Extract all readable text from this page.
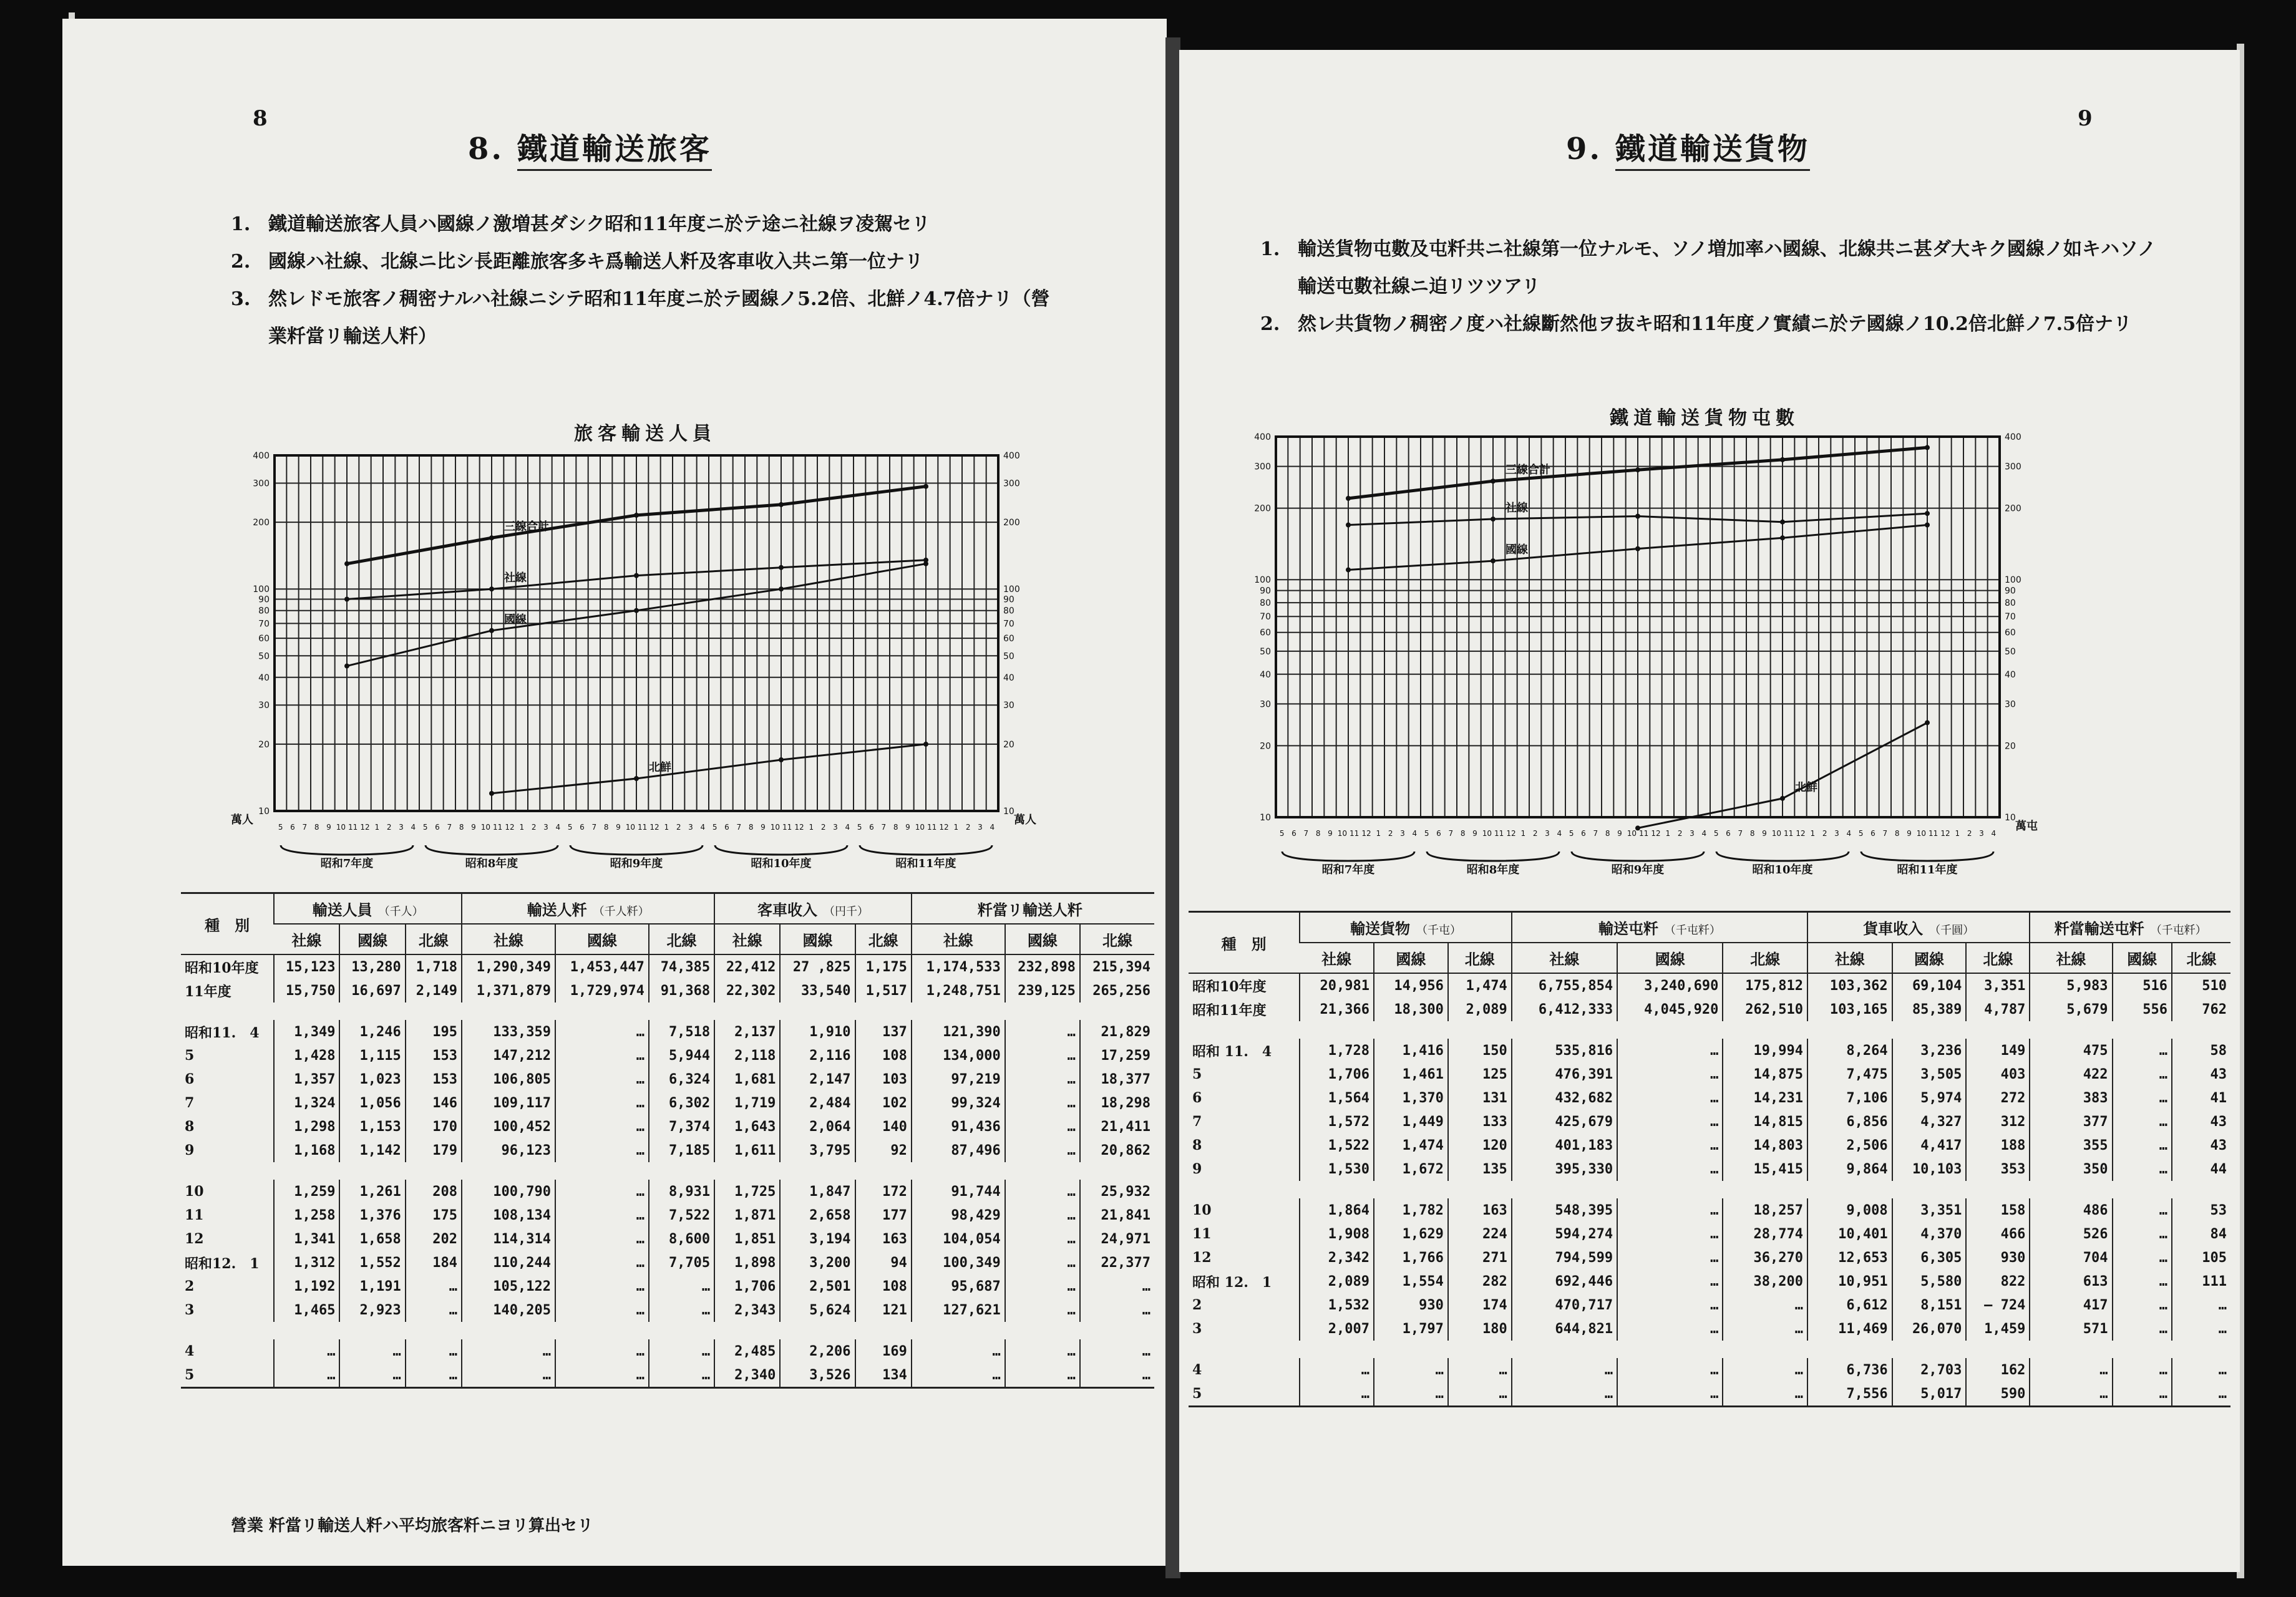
8
8. 鐵道輸送旅客
1. 鐵道輸送旅客人員ハ國線ノ激増甚ダシク昭和11年度ニ於テ途ニ社線ヲ凌駕セリ
2. 國線ハ社線、北線ニ比シ長距離旅客多キ爲輸送人粁及客車收入共ニ第一位ナリ
3. 然レドモ旅客ノ稠密ナルハ社線ニシテ昭和11年度ニ於テ國線ノ5.2倍、北鮮ノ4.7倍ナリ（營業粁當リ輸送人粁）
旅客輸送人員
萬人	萬人
昭和7年度	昭和8年度	昭和9年度	昭和10年度	昭和11年度
10	10
20	20
30	30
40	40
50	50
60	60
70	70
80	80
90	90
100	100
200	200
300	300
400	400
三線合計
社線
國線
北鮮
5 6 7 8 9 10 11 12 1 2 3 4 5 6 7 8 9 10 11 12 1 2 3 4 5 6 7 8 9 10 11 12 1 2 3 4 5 6 7 8 9 10 11 12 1 2 3 4 5 6 7 8 9 10 11 12 1 2 3 4
種　別	輸送人員 （千人）			輸送人粁 （千人粁）			客車收入 （円千）			粁當リ輸送人粁		
	社線	國線	北線	社線	國線	北線	社線	國線	北線	社線	國線	北線
昭和10年度	15,123	13,280	1,718	1,290,349	1,453,447	74,385	22,412	27 ,825	1,175	1,174,533	232,898	215,394
11年度	15,750	16,697	2,149	1,371,879	1,729,974	91,368	22,302	33,540	1,517	1,248,751	239,125	265,256

昭和11.　4	1,349	1,246	195	133,359	…	7,518	2,137	1,910	137	121,390	…	21,829
5	1,428	1,115	153	147,212	…	5,944	2,118	2,116	108	134,000	…	17,259
6	1,357	1,023	153	106,805	…	6,324	1,681	2,147	103	97,219	…	18,377
7	1,324	1,056	146	109,117	…	6,302	1,719	2,484	102	99,324	…	18,298
8	1,298	1,153	170	100,452	…	7,374	1,643	2,064	140	91,436	…	21,411
9	1,168	1,142	179	96,123	…	7,185	1,611	3,795	92	87,496	…	20,862

10	1,259	1,261	208	100,790	…	8,931	1,725	1,847	172	91,744	…	25,932
11	1,258	1,376	175	108,134	…	7,522	1,871	2,658	177	98,429	…	21,841
12	1,341	1,658	202	114,314	…	8,600	1,851	3,194	163	104,054	…	24,971
昭和12.　1	1,312	1,552	184	110,244	…	7,705	1,898	3,200	94	100,349	…	22,377
2	1,192	1,191	…	105,122	…	…	1,706	2,501	108	95,687	…	…
3	1,465	2,923	…	140,205	…	…	2,343	5,624	121	127,621	…	…

4	…	…	…	…	…	…	2,485	2,206	169	…	…	…
5	…	…	…	…	…	…	2,340	3,526	134	…	…	…
營業 粁當リ輸送人粁ハ平均旅客粁ニヨリ算出セリ
9
9. 鐵道輸送貨物
1. 輸送貨物屯數及屯粁共ニ社線第一位ナルモ、ソノ増加率ハ國線、北線共ニ甚ダ大キク國線ノ如キハソノ輸送屯數社線ニ迫リツツアリ
2. 然レ共貨物ノ稠密ノ度ハ社線斷然他ヲ抜キ昭和11年度ノ實績ニ於テ國線ノ10.2倍北鮮ノ7.5倍ナリ
鐵道輸送貨物屯數
萬屯
昭和7年度	昭和8年度	昭和9年度	昭和10年度	昭和11年度
10	10
20	20
30	30
40	40
50	50
60	60
70	70
80	80
90	90
100	100
200	200
300	300
400	400
三線合計
社線
國線
北鮮
5 6 7 8 9 10 11 12 1 2 3 4 5 6 7 8 9 10 11 12 1 2 3 4 5 6 7 8 9 10 11 12 1 2 3 4 5 6 7 8 9 10 11 12 1 2 3 4 5 6 7 8 9 10 11 12 1 2 3 4
種　別	輸送貨物 （千屯）			輸送屯粁 （千屯粁）			貨車收入 （千圓）			粁當輸送屯粁 （千屯粁）		
	社線	國線	北線	社線	國線	北線	社線	國線	北線	社線	國線	北線
昭和10年度	20,981	14,956	1,474	6,755,854	3,240,690	175,812	103,362	69,104	3,351	5,983	516	510
昭和11年度	21,366	18,300	2,089	6,412,333	4,045,920	262,510	103,165	85,389	4,787	5,679	556	762

昭和 11.　4	1,728	1,416	150	535,816	…	19,994	8,264	3,236	149	475	…	58
5	1,706	1,461	125	476,391	…	14,875	7,475	3,505	403	422	…	43
6	1,564	1,370	131	432,682	…	14,231	7,106	5,974	272	383	…	41
7	1,572	1,449	133	425,679	…	14,815	6,856	4,327	312	377	…	43
8	1,522	1,474	120	401,183	…	14,803	2,506	4,417	188	355	…	43
9	1,530	1,672	135	395,330	…	15,415	9,864	10,103	353	350	…	44

10	1,864	1,782	163	548,395	…	18,257	9,008	3,351	158	486	…	53
11	1,908	1,629	224	594,274	…	28,774	10,401	4,370	466	526	…	84
12	2,342	1,766	271	794,599	…	36,270	12,653	6,305	930	704	…	105
昭和 12.　1	2,089	1,554	282	692,446	…	38,200	10,951	5,580	822	613	…	111
2	1,532	930	174	470,717	…	…	6,612	8,151	— 724	417	…	…
3	2,007	1,797	180	644,821	…	…	11,469	26,070	1,459	571	…	…

4	…	…	…	…	…	…	6,736	2,703	162	…	…	…
5	…	…	…	…	…	…	7,556	5,017	590	…	…	…
